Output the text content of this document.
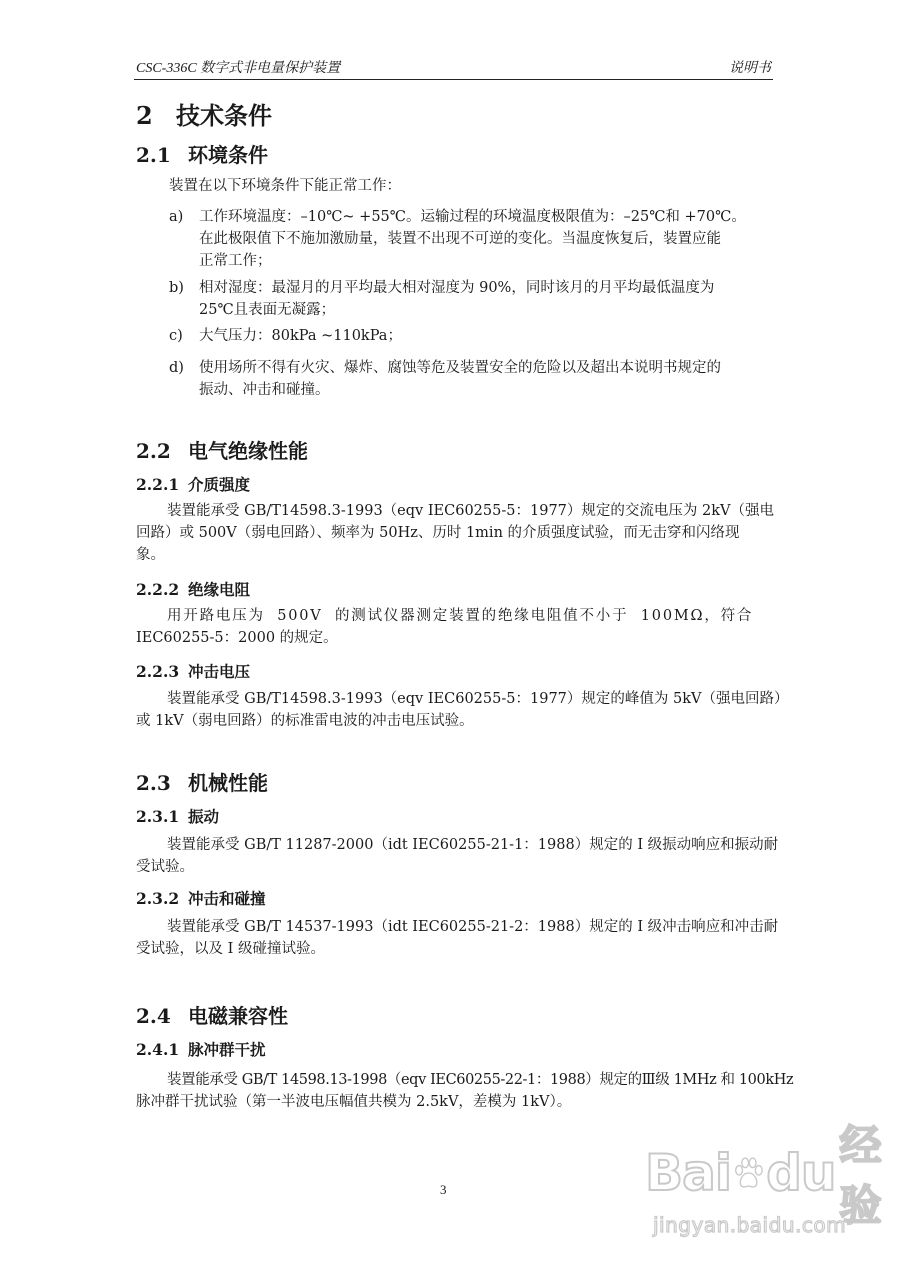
CSC-336C 数字式非电量保护装置	说明书
2 技术条件
2.1 环境条件
装置在以下环境条件下能正常工作：
a)	工作环境温度：–10℃~ +55℃。运输过程的环境温度极限值为：–25℃和 +70℃。
在此极限值下不施加激励量，装置不出现不可逆的变化。当温度恢复后，装置应能
正常工作；
b)	相对湿度：最湿月的月平均最大相对湿度为 90%，同时该月的月平均最低温度为
25℃且表面无凝露；
c)	大气压力：80kPa ~110kPa；
d)	使用场所不得有火灾、爆炸、腐蚀等危及装置安全的危险以及超出本说明书规定的
振动、冲击和碰撞。
2.2 电气绝缘性能
2.2.1 介质强度
装置能承受 GB/T14598.3-1993（eqv IEC60255-5：1977）规定的交流电压为 2kV（强电
回路）或 500V（弱电回路）、频率为 50Hz、历时 1min 的介质强度试验，而无击穿和闪络现
象。
2.2.2 绝缘电阻
用开路电压为 500V 的测试仪器测定装置的绝缘电阻值不小于 100MΩ，符合
IEC60255-5：2000 的规定。
2.2.3 冲击电压
装置能承受 GB/T14598.3-1993（eqv IEC60255-5：1977）规定的峰值为 5kV（强电回路）
或 1kV（弱电回路）的标准雷电波的冲击电压试验。
2.3 机械性能
2.3.1 振动
装置能承受 GB/T 11287-2000（idt IEC60255-21-1：1988）规定的 I 级振动响应和振动耐
受试验。
2.3.2 冲击和碰撞
装置能承受 GB/T 14537-1993（idt IEC60255-21-2：1988）规定的 I 级冲击响应和冲击耐
受试验，以及 I 级碰撞试验。
2.4 电磁兼容性
2.4.1 脉冲群干扰
装置能承受 GB/T 14598.13-1998（eqv IEC60255-22-1：1988）规定的Ⅲ级 1MHz 和 100kHz
脉冲群干扰试验（第一半波电压幅值共模为 2.5kV，差模为 1kV）。
3	Bai du 经验
jingyan.baidu.com
